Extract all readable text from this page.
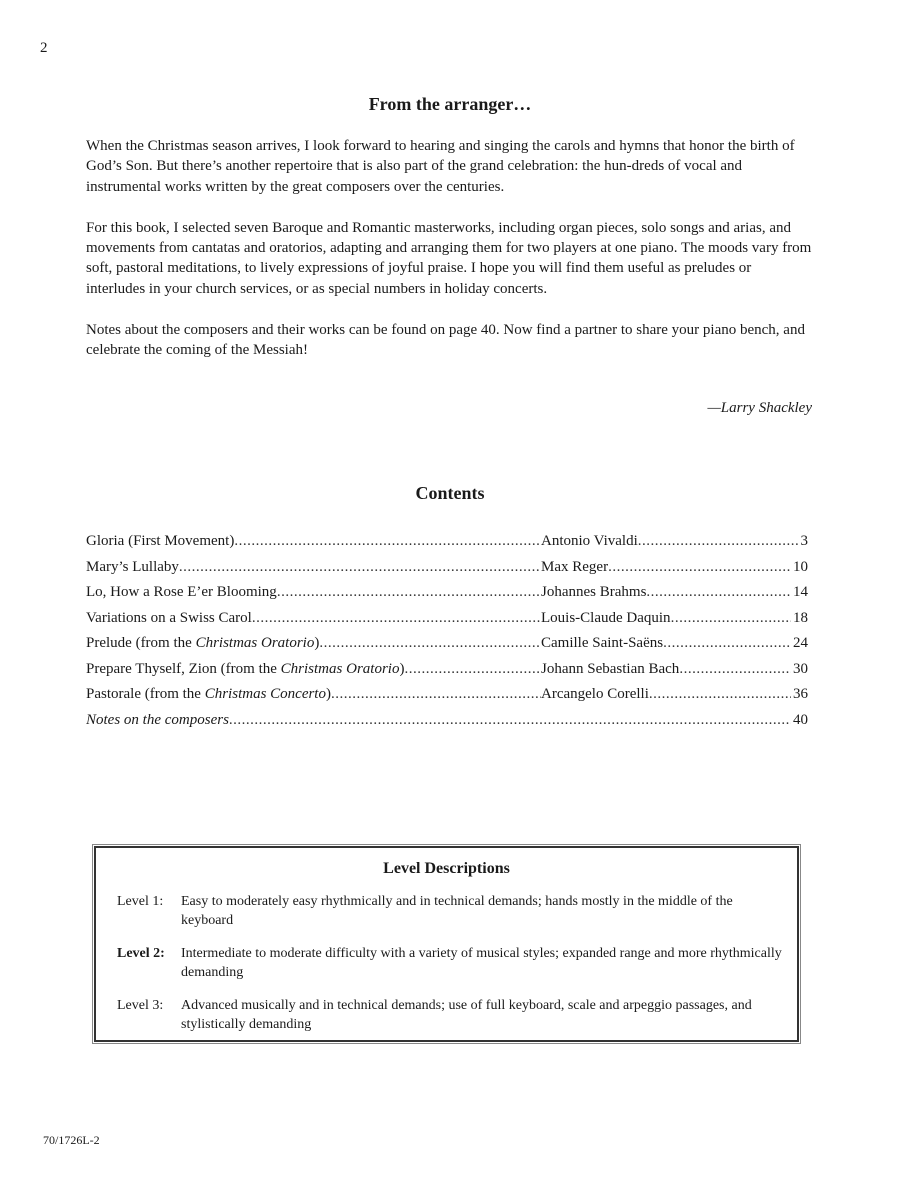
2
From the arranger…

When the Christmas season arrives, I look forward to hearing and singing the carols and hymns that honor the birth of God’s Son. But there’s another repertoire that is also part of the grand celebration: the hun-dreds of vocal and instrumental works written by the great composers over the centuries.

For this book, I selected seven Baroque and Romantic masterworks, including organ pieces, solo songs and arias, and movements from cantatas and oratorios, adapting and arranging them for two players at one piano. The moods vary from soft, pastoral meditations, to lively expressions of joyful praise. I hope you will find them useful as preludes or interludes in your church services, or as special numbers in holiday concerts.

Notes about the composers and their works can be found on page 40. Now find a partner to share your piano bench, and celebrate the coming of the Messiah!

—Larry Shackley
Contents
Gloria (First Movement) .....	Antonio Vivaldi .....	3
Mary’s Lullaby .....	Max Reger .....	10
Lo, How a Rose E’er Blooming .....	Johannes Brahms .....	14
Variations on a Swiss Carol .....	Louis-Claude Daquin .....	18
Prelude (from the Christmas Oratorio) .....	Camille Saint-Saëns .....	24
Prepare Thyself, Zion (from the Christmas Oratorio) .....	Johann Sebastian Bach .....	30
Pastorale (from the Christmas Concerto) .....	Arcangelo Corelli .....	36
Notes on the composers .....	40
Level Descriptions
Level 1:	Easy to moderately easy rhythmically and in technical demands; hands mostly in the middle of the keyboard
Level 2:	Intermediate to moderate difficulty with a variety of musical styles; expanded range and more rhythmically demanding
Level 3:	Advanced musically and in technical demands; use of full keyboard, scale and arpeggio passages, and stylistically demanding
70/1726L-2
